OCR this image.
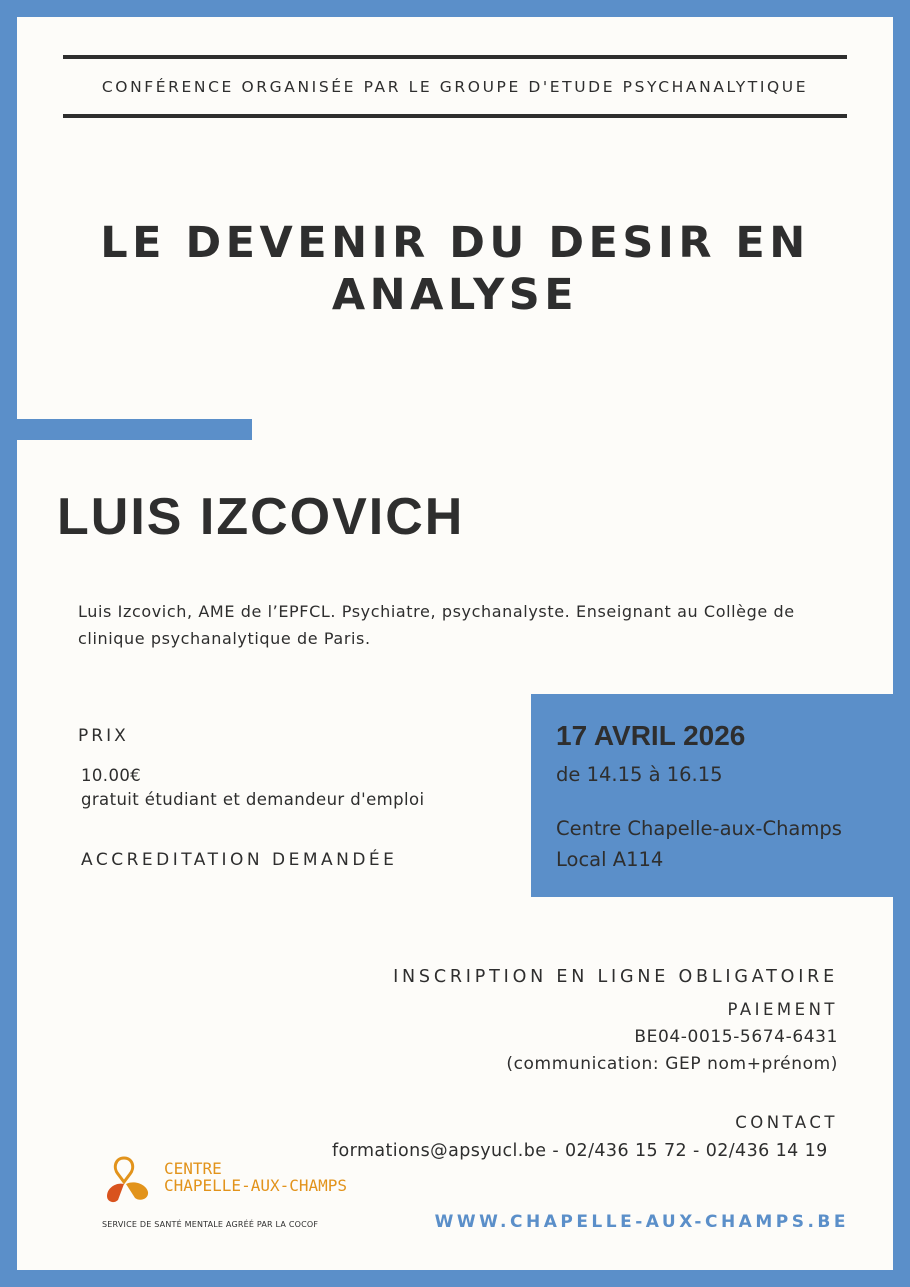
CONFÉRENCE ORGANISÉE PAR LE GROUPE D'ETUDE PSYCHANALYTIQUE
LE DEVENIR DU DESIR EN
ANALYSE
LUIS IZCOVICH
Luis Izcovich, AME de l’EPFCL. Psychiatre, psychanalyste. Enseignant au Collège de
clinique psychanalytique de Paris.
PRIX
10.00€
gratuit étudiant et demandeur d'emploi
ACCREDITATION DEMANDÉE
17 AVRIL 2026
de 14.15 à 16.15
Centre Chapelle-aux-Champs
Local A114
INSCRIPTION EN LIGNE OBLIGATOIRE
PAIEMENT
BE04-0015-5674-6431
(communication: GEP nom+prénom)
CONTACT
formations@apsyucl.be - 02/436 15 72 - 02/436 14 19
CENTRE
CHAPELLE-AUX-CHAMPS
SERVICE DE SANTÉ MENTALE AGRÉÉ PAR LA COCOF	WWW.CHAPELLE-AUX-CHAMPS.BE
